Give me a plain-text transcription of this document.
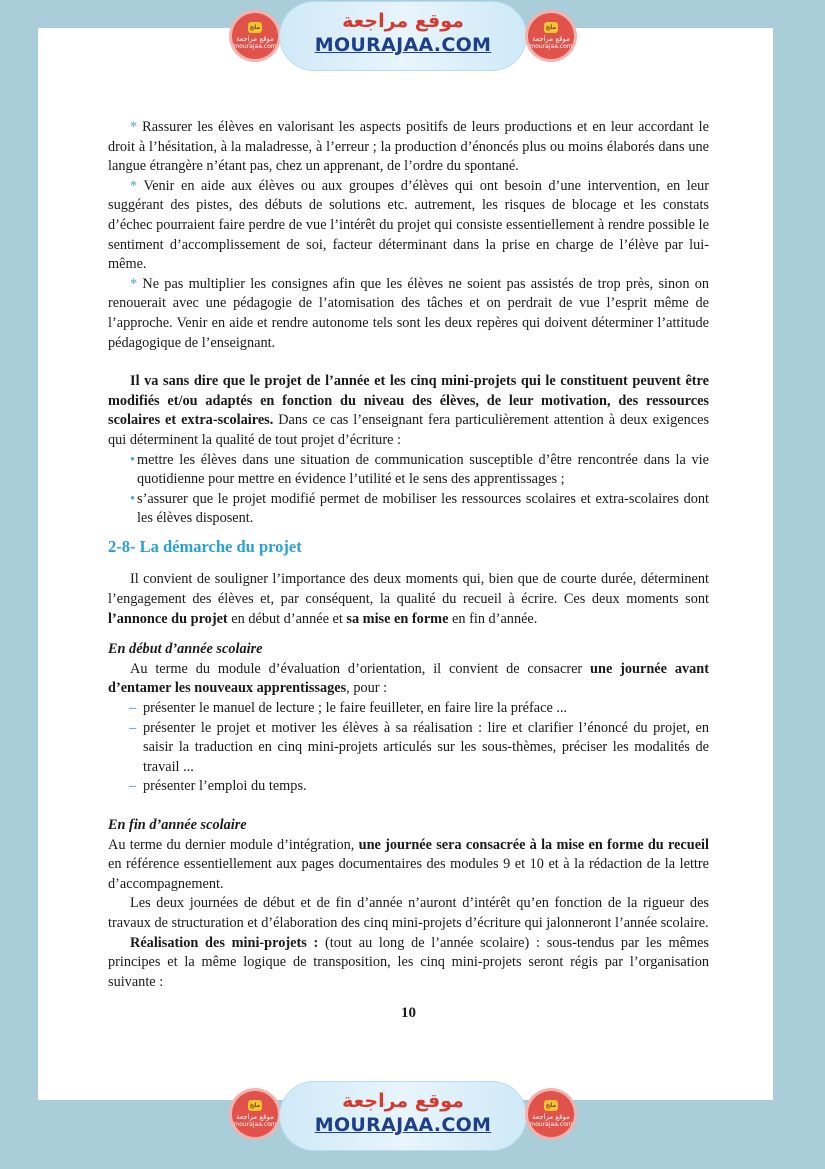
ملخ
موقع مراجعة
mourajaa.com
موقع مراجعة
MOURAJAA.COM
ملخ
موقع مراجعة
mourajaa.com

* Rassurer les élèves en valorisant les aspects positifs de leurs productions et en leur accordant le droit à l’hésitation, à la maladresse, à l’erreur ; la production d’énoncés plus ou moins élaborés dans une langue étrangère n’étant pas, chez un apprenant, de l’ordre du spontané.

* Venir en aide aux élèves ou aux groupes d’élèves qui ont besoin d’une intervention, en leur suggérant des pistes, des débuts de solutions etc. autrement, les risques de blocage et les constats d’échec pourraient faire perdre de vue l’intérêt du projet qui consiste essentiellement à rendre possible le sentiment d’accomplissement de soi, facteur déterminant dans la prise en charge de l’élève par lui-même.

* Ne pas multiplier les consignes afin que les élèves ne soient pas assistés de trop près, sinon on renouerait avec une pédagogie de l’atomisation des tâches et on perdrait de vue l’esprit même de l’approche. Venir en aide et rendre autonome tels sont les deux repères qui doivent déterminer l’attitude pédagogique de l’enseignant.

Il va sans dire que le projet de l’année et les cinq mini-projets qui le constituent peuvent être modifiés et/ou adaptés en fonction du niveau des élèves, de leur motivation, des ressources scolaires et extra-scolaires. Dans ce cas l’enseignant fera particulièrement attention à deux exigences qui déterminent la qualité de tout projet d’écriture :

• mettre les élèves dans une situation de communication susceptible d’être rencontrée dans la vie quotidienne pour mettre en évidence l’utilité et le sens des apprentissages ;
• s’assurer que le projet modifié permet de mobiliser les ressources scolaires et extra-scolaires dont les élèves disposent.
2-8- La démarche du projet

Il convient de souligner l’importance des deux moments qui, bien que de courte durée, déterminent l’engagement des élèves et, par conséquent, la qualité du recueil à écrire. Ces deux moments sont l’annonce du projet en début d’année et sa mise en forme en fin d’année.

En début d’année scolaire

Au terme du module d’évaluation d’orientation, il convient de consacrer une journée avant d’entamer les nouveaux apprentissages, pour :

– présenter le manuel de lecture ; le faire feuilleter, en faire lire la préface ...
– présenter le projet et motiver les élèves à sa réalisation : lire et clarifier l’énoncé du projet, en saisir la traduction en cinq mini-projets articulés sur les sous-thèmes, préciser les modalités de travail ...
– présenter l’emploi du temps.

En fin d’année scolaire

Au terme du dernier module d’intégration, une journée sera consacrée à la mise en forme du recueil en référence essentiellement aux pages documentaires des modules 9 et 10 et à la rédaction de la lettre d’accompagnement.

Les deux journées de début et de fin d’année n’auront d’intérêt qu’en fonction de la rigueur des travaux de structuration et d’élaboration des cinq mini-projets d’écriture qui jalonneront l’année scolaire.

Réalisation des mini-projets : (tout au long de l’année scolaire) : sous-tendus par les mêmes principes et la même logique de transposition, les cinq mini-projets seront régis par l’organisation suivante :

10
ملخ
موقع مراجعة
mourajaa.com
موقع مراجعة
MOURAJAA.COM
ملخ
موقع مراجعة
mourajaa.com
